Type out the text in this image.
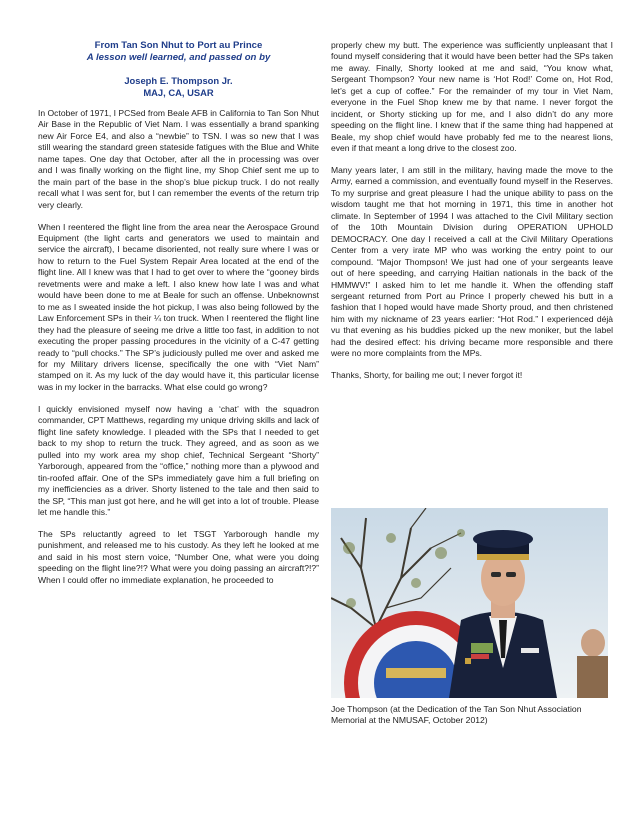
From Tan Son Nhut to Port au Prince
A lesson well learned, and passed on by
Joseph E. Thompson Jr.
MAJ, CA, USAR

In October of 1971, I PCSed from Beale AFB in California to Tan Son Nhut Air Base in the Republic of Viet Nam. I was essentially a brand spanking new Air Force E4, and also a “newbie” to TSN. I was so new that I was still wearing the standard green stateside fatigues with the Blue and White name tapes. One day that October, after all the in processing was over and I was finally working on the flight line, my Shop Chief sent me up to the main part of the base in the shop’s blue pickup truck. I do not really recall what I was sent for, but I can remember the events of the return trip very clearly.

When I reentered the flight line from the area near the Aerospace Ground Equipment (the light carts and generators we used to maintain and service the aircraft), I became disoriented, not really sure where I was or how to return to the Fuel System Repair Area located at the end of the flight line. All I knew was that I had to get over to where the “gooney birds revetments were and make a left. I also knew how late I was and what would have been done to me at Beale for such an offense. Unbeknownst to me as I sweated inside the hot pickup, I was also being followed by the Law Enforcement SPs in their ¼ ton truck. When I reentered the flight line they had the pleasure of seeing me drive a little too fast, in addition to not executing the proper passing procedures in the vicinity of a C-47 getting ready to “pull chocks.” The SP’s judiciously pulled me over and asked me for my Military drivers license, specifically the one with “Viet Nam” stamped on it. As my luck of the day would have it, this particular license was in my locker in the barracks. What else could go wrong?

I quickly envisioned myself now having a ‘chat’ with the squadron commander, CPT Matthews, regarding my unique driving skills and lack of flight line safety knowledge. I pleaded with the SPs that I needed to get back to my shop to return the truck. They agreed, and as soon as we pulled into my work area my shop chief, Technical Sergeant “Shorty” Yarborough, appeared from the “office,” nothing more than a plywood and tin-roofed affair. One of the SPs immediately gave him a full briefing on my inefficiencies as a driver. Shorty listened to the tale and then said to the SP, “This man just got here, and he will get into a lot of trouble. Please let me handle this.”

The SPs reluctantly agreed to let TSGT Yarborough handle my punishment, and released me to his custody. As they left he looked at me and said in his most stern voice, “Number One, what were you doing speeding on the flight line?!? What were you doing passing an aircraft?!?” When I could offer no immediate explanation, he proceeded to

properly chew my butt. The experience was sufficiently unpleasant that I found myself considering that it would have been better had the SPs taken me away. Finally, Shorty looked at me and said, “You know what, Sergeant Thompson? Your new name is ‘Hot Rod!’ Come on, Hot Rod, let’s get a cup of coffee.” For the remainder of my tour in Viet Nam, everyone in the Fuel Shop knew me by that name. I never forgot the incident, or Shorty sticking up for me, and I also didn’t do any more speeding on the flight line. I knew that if the same thing had happened at Beale, my shop chief would have probably fed me to the nearest lions, even if that meant a long drive to the closest zoo.

Many years later, I am still in the military, having made the move to the Army, earned a commission, and eventually found myself in the Reserves. To my surprise and great pleasure I had the unique ability to pass on the wisdom taught me that hot morning in 1971, this time in another hot climate. In September of 1994 I was attached to the Civil Military section of the 10th Mountain Division during OPERATION UPHOLD DEMOCRACY. One day I received a call at the Civil Military Operations Center from a very irate MP who was working the entry point to our compound. “Major Thompson! We just had one of your sergeants leave out of here speeding, and carrying Haitian nationals in the back of the HMMWV!” I asked him to let me handle it. When the offending staff sergeant returned from Port au Prince I properly chewed his butt in a fashion that I hoped would have made Shorty proud, and then christened him with my nickname of 23 years earlier: “Hot Rod.” I experienced déjà vu that evening as his buddies picked up the new moniker, but the label had the desired effect: his driving became more responsible and there were no more complaints from the MPs.

Thanks, Shorty, for bailing me out; I never forgot it!

Joe Thompson (at the Dedication of the Tan Son Nhut Association Memorial at the NMUSAF, October 2012)
